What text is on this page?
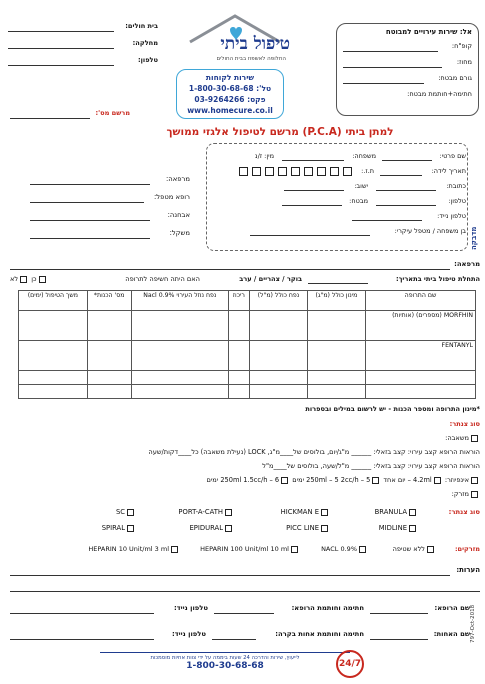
בית חולים:
מחלקה:
טלפון:
טיפול ביתי
החלופה לאשפוז בבית החולים
שירות לקוחות
טל': 1-800-30-68-68
פקס: 03-9264266
www.homecure.co.il
אל: שירות עירויים למבוטח
קופ"ח:
מחוז:
גורם מבטח:
חתימה+חותמת מבטח:
מרשם מס':
מרשם לטיפול אלגזי ממושך (P.C.A) למתן ביתי
מדבקה
שם פרטי:
משפחה:
מין: ז/נ
תאריך לידה:
ת.ז.:
כתובת:
ישוב:
טלפון:
מבטח:
טלפון נייד:
בן משפחה / מטפל עיקרי:
מרפאה:
רופא מטפל:
אבחנה:
משקל:
מרפאה:
התחלת טיפול ביתי בתאריך:
בוקר / צהריים / ערב
האם היתה חשיפה לתרופה
כן לא
שם התרופה	מינון כולל (מ"ג)	נפח כולל (מ"ל)	ריכוז	נפח נוזל העירוי Nacl 0.9%	מס' הכנות*	משך הטיפול (ימים)
MORFHIN (מספרים) (אותיות)						
FENTANYL						

*מינון התרופה ומספר הכנות - יש לרשום במילים ובספרות
סוג צנתר:
משאבה:
הוראות הרופא קצב עירוי: קצב בזאלי: ______ מ"ג/יום, בולוסים של____מ"ג, LOCK (נעילת משאבה) כל____דקות/שעה
הוראות הרופא קצב עירוי: קצב בזאלי: ______ מ"ל/שעה, בולוסים של____מ"ל
אינפיוזר: 4.2ml – יום אחד 250ml – 5 2cc/h – 5 ימים 250ml 1.5cc/h – 6 ימים
מזרק:
סוג צנתר:
BRANULA
HICKMAN E
PORT-A-CATH
SC
MIDLINE
PICC LINE
EPIDURAL
SPIRAL
מזרקים:
ללא שטיפה
NACL 0.9%
HEPARIN 100 Unit/ml 10 ml
HEPARIN 10 Unit/ml 3 ml
הערות:
שם הרופא:
חתימה וחותמת הרופא:
טלפון נייד:
שם האחות:
חתימה וחותמת אחות בקרה:
טלפון נייד:	797-Oct-2018
לייעוץ, שירות והדרכה 24 שעות ביממה על ידי צוות אחיות מוסמכות
1-800-30-68-68	24/7
